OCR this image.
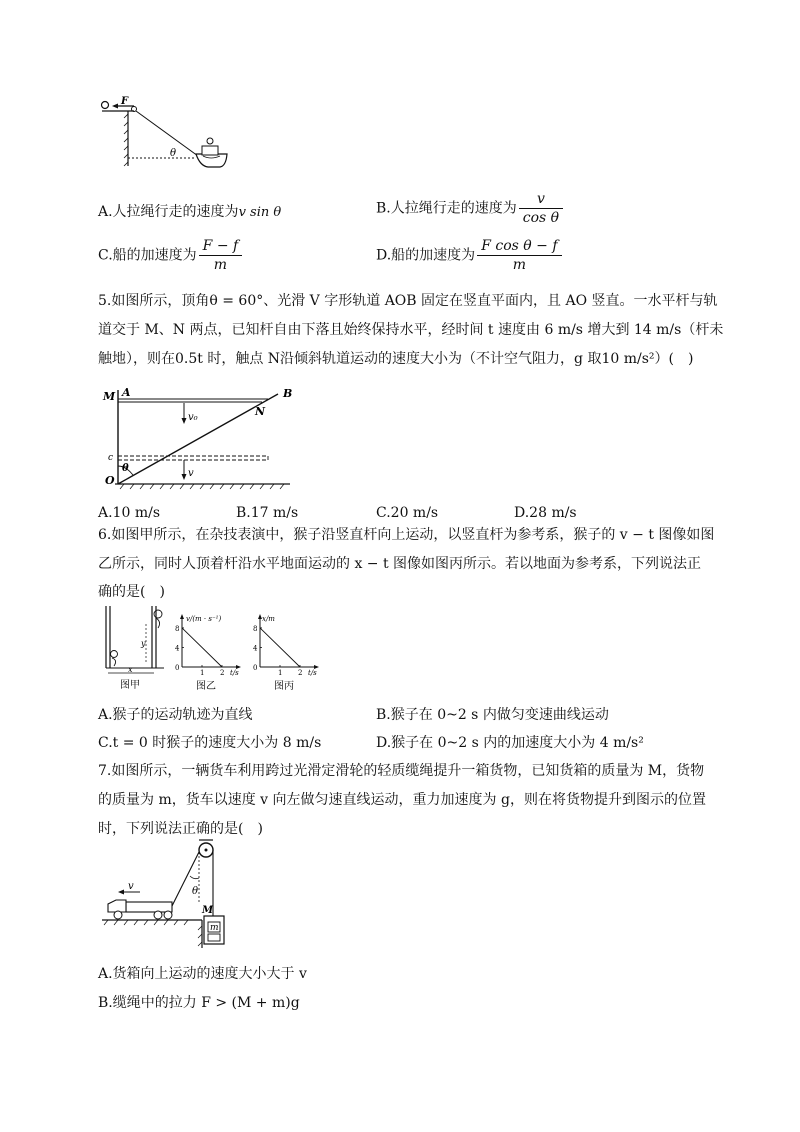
F
θ
A.人拉绳行走的速度为v sin θ	B.人拉绳行走的速度为 $\frac{v}{\text{cos θ}}$
C.船的加速度为 $\frac{F - f}{m}$	D.船的加速度为 $\frac{\text{F cos θ − f}}{m}$
5.如图所示，顶角θ = 60°、光滑 V 字形轨道 AOB 固定在竖直平面内，且 AO 竖直。一水平杆与轨
道交于 M、N 两点，已知杆自由下落且始终保持水平，经时间 t 速度由 6 m/s 增大到 14 m/s（杆未
触地），则在0.5t 时，触点 N沿倾斜轨道运动的速度大小为（不计空气阻力，g 取10 m/s²）(　)
M A	B
N
v₀
c
θ	v
O
A.10 m/s	B.17 m/s	C.20 m/s	D.28 m/s
6.如图甲所示，在杂技表演中，猴子沿竖直杆向上运动，以竖直杆为参考系，猴子的 v − t 图像如图
乙所示，同时人顶着杆沿水平地面运动的 x − t 图像如图丙所示。若以地面为参考系，下列说法正
确的是(　)
y
x
图甲
v/(m · s⁻¹)
t/s
图乙
8
4
0
1 2
x/m
t/s
图丙
8
4
0
1 2
A.猴子的运动轨迹为直线	B.猴子在 0~2 s 内做匀变速曲线运动
C.t = 0 时猴子的速度大小为 8 m/s	D.猴子在 0~2 s 内的加速度大小为 4 m/s²
7.如图所示，一辆货车利用跨过光滑定滑轮的轻质缆绳提升一箱货物，已知货箱的质量为 M，货物
的质量为 m，货车以速度 v 向左做匀速直线运动，重力加速度为 g，则在将货物提升到图示的位置
时，下列说法正确的是(　)
θ
v
M
m
A.货箱向上运动的速度大小大于 v
B.缆绳中的拉力 F > (M + m)g
